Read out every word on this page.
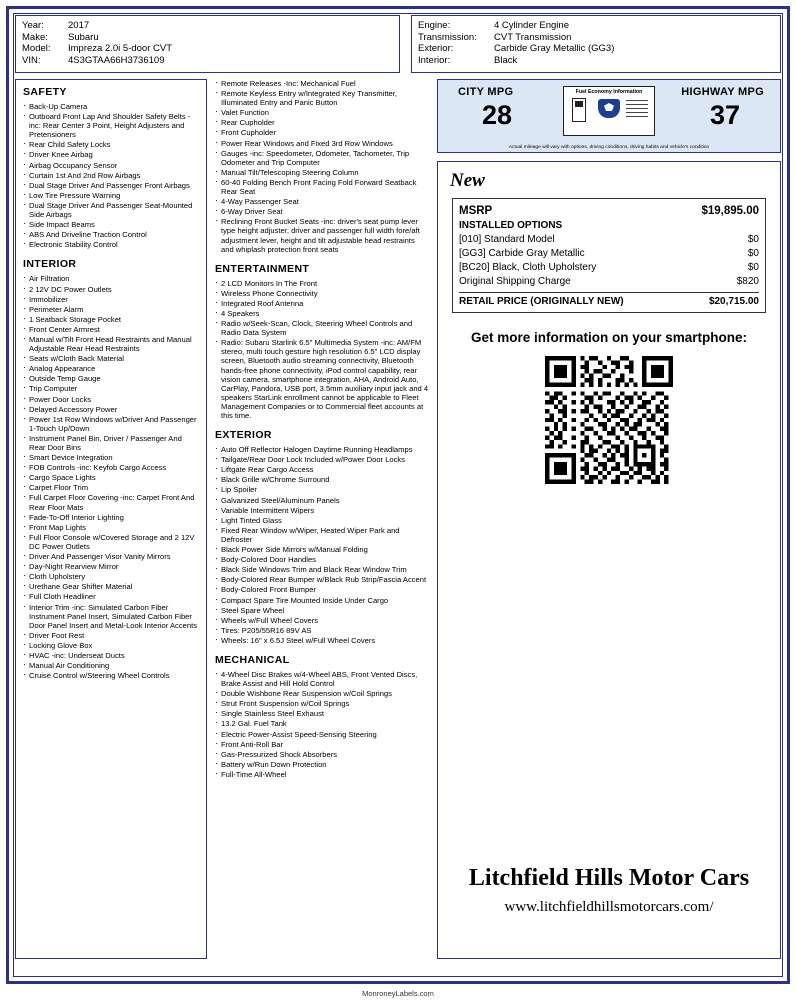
Year:	2017
Make: Subaru
Model: Impreza 2.0i 5-door CVT
VIN:	4S3GTAA66H3736109
Engine:	4 Cylinder Engine
Transmission: CVT Transmission
Exterior:	Carbide Gray Metallic (GG3)
Interior:	Black
SAFETY
· Back-Up Camera
· Outboard Front Lap And Shoulder Safety Belts -inc: Rear Center 3 Point, Height Adjusters and Pretensioners
· Rear Child Safety Locks
· Driver Knee Airbag
· Airbag Occupancy Sensor
· Curtain 1st And 2nd Row Airbags
· Dual Stage Driver And Passenger Front Airbags
· Low Tire Pressure Warning
· Dual Stage Driver And Passenger Seat-Mounted Side Airbags
· Side Impact Beams
· ABS And Driveline Traction Control
· Electronic Stability Control
INTERIOR
· Air Filtration
· 2 12V DC Power Outlets
· Immobilizer
· Perimeter Alarm
· 1 Seatback Storage Pocket
· Front Center Armrest
· Manual w/Tilt Front Head Restraints and Manual Adjustable Rear Head Restraints
· Seats w/Cloth Back Material
· Analog Appearance
· Outside Temp Gauge
· Trip Computer
· Power Door Locks
· Delayed Accessory Power
· Power 1st Row Windows w/Driver And Passenger 1-Touch Up/Down
· Instrument Panel Bin, Driver / Passenger And Rear Door Bins
· Smart Device Integration
· FOB Controls -inc: Keyfob Cargo Access
· Cargo Space Lights
· Carpet Floor Trim
· Full Carpet Floor Covering -inc: Carpet Front And Rear Floor Mats
· Fade-To-Off Interior Lighting
· Front Map Lights
· Full Floor Console w/Covered Storage and 2 12V DC Power Outlets
· Driver And Passenger Visor Vanity Mirrors
· Day-Night Rearview Mirror
· Cloth Upholstery
· Urethane Gear Shifter Material
· Full Cloth Headliner
· Interior Trim -inc: Simulated Carbon Fiber Instrument Panel Insert, Simulated Carbon Fiber Door Panel Insert and Metal-Look Interior Accents
· Driver Foot Rest
· Locking Glove Box
· HVAC -inc: Underseat Ducts
· Manual Air Conditioning
· Cruise Control w/Steering Wheel Controls
· Remote Releases -Inc: Mechanical Fuel
· Remote Keyless Entry w/Integrated Key Transmitter, Illuminated Entry and Panic Button
· Valet Function
· Rear Cupholder
· Front Cupholder
· Power Rear Windows and Fixed 3rd Row Windows
· Gauges -inc: Speedometer, Odometer, Tachometer, Trip Odometer and Trip Computer
· Manual Tilt/Telescoping Steering Column
· 60-40 Folding Bench Front Facing Fold Forward Seatback Rear Seat
· 4-Way Passenger Seat
· 6-Way Driver Seat
· Reclining Front Bucket Seats -inc: driver's seat pump lever type height adjuster, driver and passenger full width fore/aft adjustment lever, height and tilt adjustable head restraints and whiplash protection front seats
ENTERTAINMENT
· 2 LCD Monitors In The Front
· Wireless Phone Connectivity
· Integrated Roof Antenna
· 4 Speakers
· Radio w/Seek-Scan, Clock, Steering Wheel Controls and Radio Data System
· Radio: Subaru Starlink 6.5" Multimedia System -inc: AM/FM stereo, multi touch gesture high resolution 6.5" LCD display screen, Bluetooth audio streaming connectivity, Bluetooth hands-free phone connectivity, iPod control capability, rear vision camera, smartphone integration, AHA, Android Auto, CarPlay, Pandora, USB port, 3.5mm auxiliary input jack and 4 speakers StarLink enrollment cannot be applicable to Fleet Management Companies or to Commercial fleet accounts at this time.
EXTERIOR
· Auto Off Reflector Halogen Daytime Running Headlamps
· Tailgate/Rear Door Lock Included w/Power Door Locks
· Liftgate Rear Cargo Access
· Black Grille w/Chrome Surround
· Lip Spoiler
· Galvanized Steel/Aluminum Panels
· Variable Intermittent Wipers
· Light Tinted Glass
· Fixed Rear Window w/Wiper, Heated Wiper Park and Defroster
· Black Power Side Mirrors w/Manual Folding
· Body-Colored Door Handles
· Black Side Windows Trim and Black Rear Window Trim
· Body-Colored Rear Bumper w/Black Rub Strip/Fascia Accent
· Body-Colored Front Bumper
· Compact Spare Tire Mounted Inside Under Cargo
· Steel Spare Wheel
· Wheels w/Full Wheel Covers
· Tires: P205/55R16 89V AS
· Wheels: 16" x 6.5J Steel w/Full Wheel Covers
MECHANICAL
· 4-Wheel Disc Brakes w/4-Wheel ABS, Front Vented Discs, Brake Assist and Hill Hold Control
· Double Wishbone Rear Suspension w/Coil Springs
· Strut Front Suspension w/Coil Springs
· Single Stainless Steel Exhaust
· 13.2 Gal. Fuel Tank
· Electric Power-Assist Speed-Sensing Steering
· Front Anti-Roll Bar
· Gas-Pressurized Shock Absorbers
· Battery w/Run Down Protection
· Full-Time All-Wheel
CITY MPG
28
Fuel Economy Information	HIGHWAY MPG
37
Actual mileage will vary with options, driving conditions, driving habits and vehicle's condition
New
MSRP	$19,895.00
INSTALLED OPTIONS
[010] Standard Model	$0
[GG3] Carbide Gray Metallic	$0
[BC20] Black, Cloth Upholstery	$0
Original Shipping Charge	$820
RETAIL PRICE (ORIGINALLY NEW)	$20,715.00
Get more information on your smartphone:
Litchfield Hills Motor Cars
www.litchfieldhillsmotorcars.com/
MonroneyLabels.com
